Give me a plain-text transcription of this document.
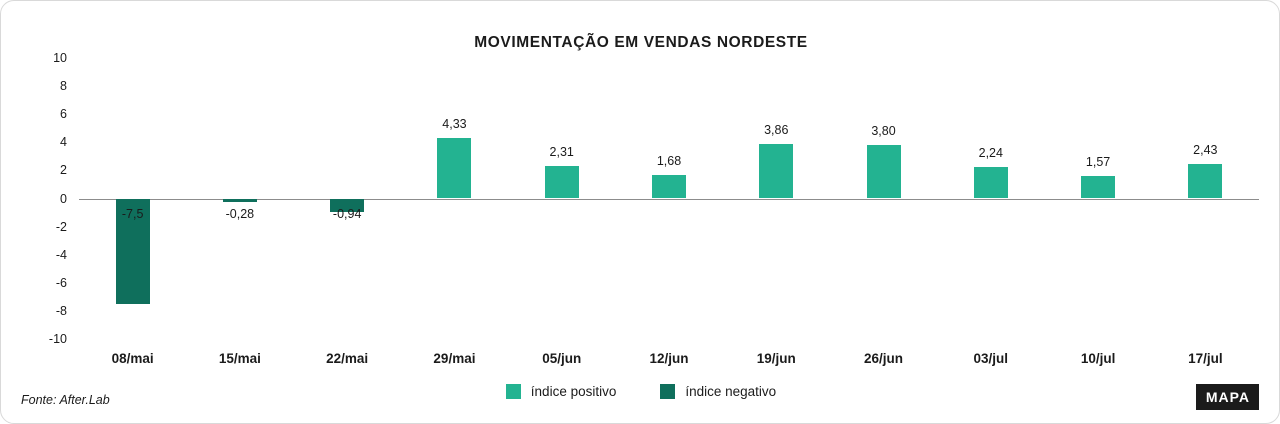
MOVIMENTAÇÃO EM VENDAS NORDESTE
10
8
6
4
2
0
-2
-4
-6
-8
-10
-7,5
08/mai
-0,28
15/mai
-0,94
22/mai
4,33
29/mai
2,31
05/jun
1,68
12/jun
3,86
19/jun
3,80
26/jun
2,24
03/jul
1,57
10/jul
2,43
17/jul
índice positivo	índice negativo
Fonte: After.Lab	MAPA
